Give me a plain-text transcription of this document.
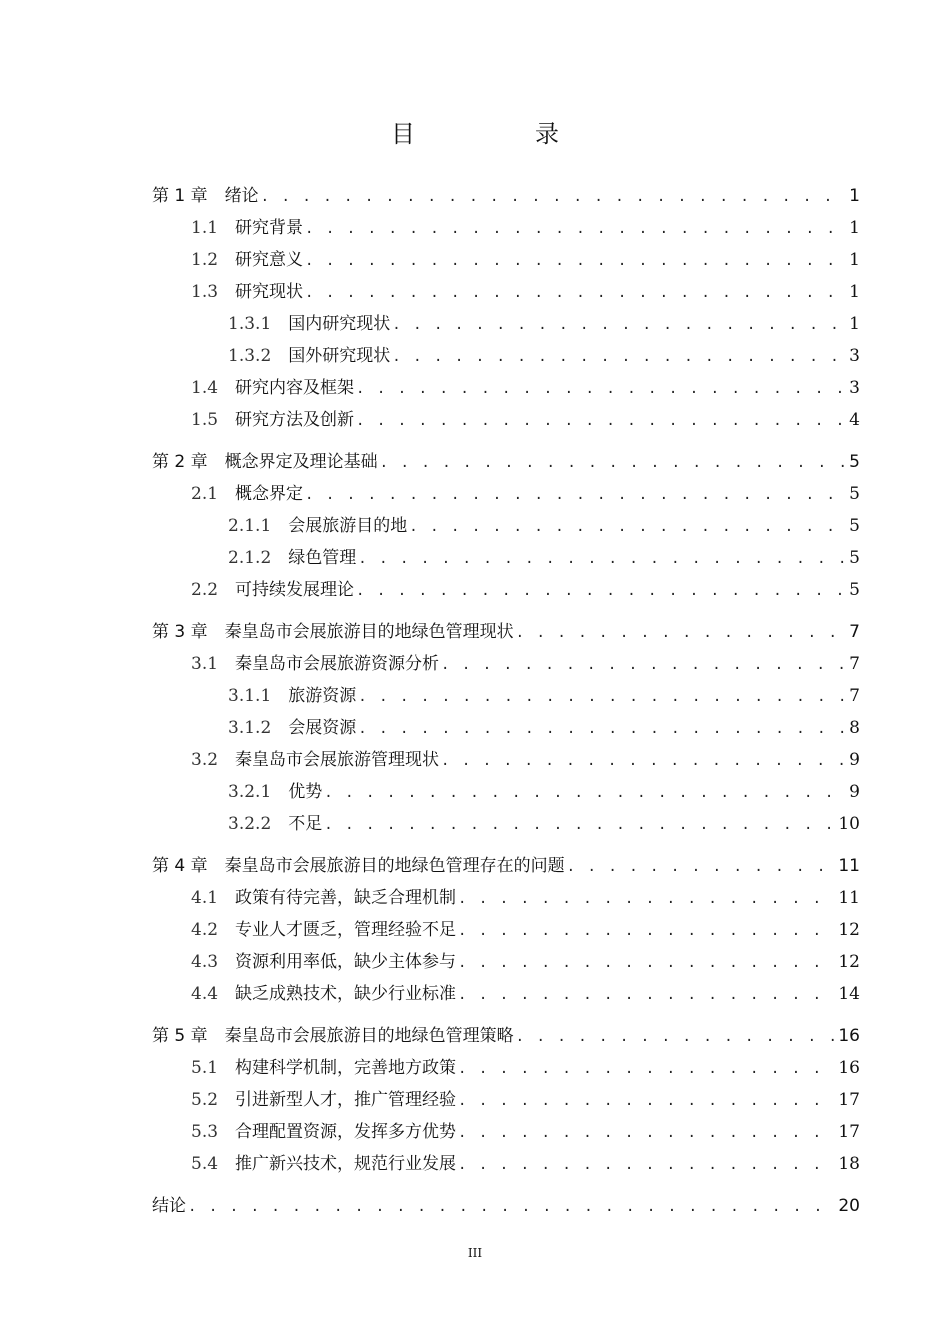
目　录
第 1 章　 绪论 . . .	1
1.1　 研究背景 . . .	1
1.2　 研究意义 . . .	1
1.3　 研究现状 . . .	1
1.3.1　 国内研究现状 . . .	1
1.3.2　 国外研究现状 . . .	3
1.4　 研究内容及框架 . . .	3
1.5　 研究方法及创新 . . .	4
第 2 章　 概念界定及理论基础 . . .	5
2.1　 概念界定 . . .	5
2.1.1　 会展旅游目的地 . . .	5
2.1.2　 绿色管理 . . .	5
2.2　 可持续发展理论 . . .	5
第 3 章　 秦皇岛市会展旅游目的地绿色管理现状 . . .	7
3.1　 秦皇岛市会展旅游资源分析 . . .	7
3.1.1　 旅游资源 . . .	7
3.1.2　 会展资源 . . .	8
3.2　 秦皇岛市会展旅游管理现状 . . .	9
3.2.1　 优势 . . .	9
3.2.2　 不足 . . .	10
第 4 章　 秦皇岛市会展旅游目的地绿色管理存在的问题 . . .	11
4.1　 政策有待完善，缺乏合理机制 . . .	11
4.2　 专业人才匮乏，管理经验不足 . . .	12
4.3　 资源利用率低，缺少主体参与 . . .	12
4.4　 缺乏成熟技术，缺少行业标准 . . .	14
第 5 章　 秦皇岛市会展旅游目的地绿色管理策略 . . .	16
5.1　 构建科学机制，完善地方政策 . . .	16
5.2　 引进新型人才，推广管理经验 . . .	17
5.3　 合理配置资源，发挥多方优势 . . .	17
5.4　 推广新兴技术，规范行业发展 . . .	18
结论 . . .	20
III
